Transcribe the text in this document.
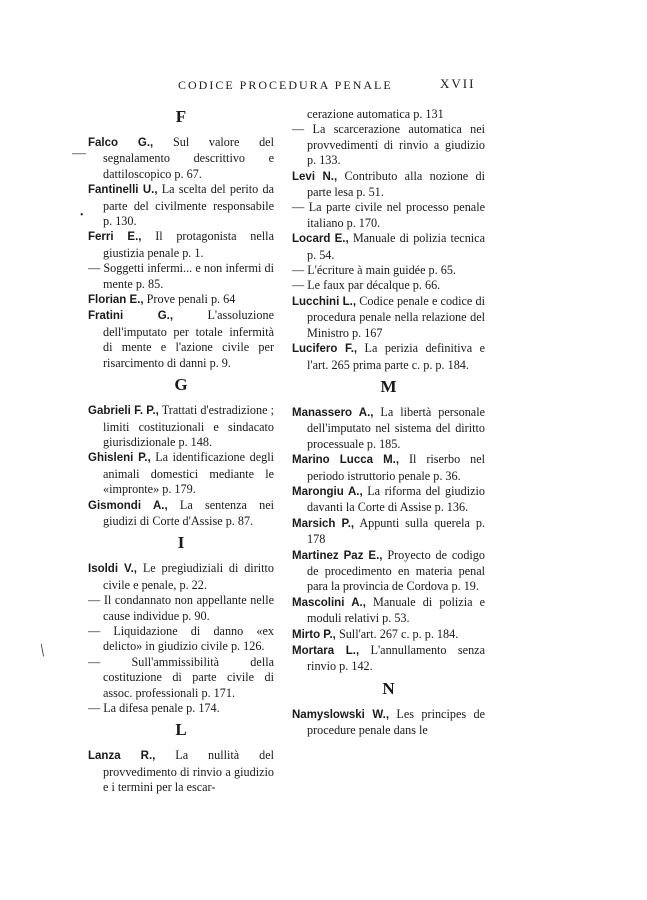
CODICE PROCEDURA PENALE	XVII
F
Falco G., Sul valore del segnalamento descrittivo e dattiloscopico p. 67.
Fantinelli U., La scelta del perito da parte del civilmente responsabile p. 130.
Ferri E., Il protagonista nella giustizia penale p. 1.
— Soggetti infermi... e non infermi di mente p. 85.
Florian E., Prove penali p. 64
Fratini G., L'assoluzione dell'imputato per totale infermità di mente e l'azione civile per risarcimento di danni p. 9.
G
Gabrieli F. P., Trattati d'estradizione ; limiti costituzionali e sindacato giurisdizionale p. 148.
Ghisleni P., La identificazione degli animali domestici mediante le «impronte» p. 179.
Gismondi A., La sentenza nei giudizi di Corte d'Assise p. 87.
I
Isoldi V., Le pregiudiziali di diritto civile e penale, p. 22.
— Il condannato non appellante nelle cause individue p. 90.
— Liquidazione di danno «ex delicto» in giudizio civile p. 126.
— Sull'ammissibilità della costituzione di parte civile di assoc. professionali p. 171.
— La difesa penale p. 174.
L
Lanza R., La nullità del provvedimento di rinvio a giudizio e i termini per la escar-
cerazione automatica p. 131
— La scarcerazione automatica nei provvedimenti di rinvio a giudizio p. 133.
Levi N., Contributo alla nozione di parte lesa p. 51.
— La parte civile nel processo penale italiano p. 170.
Locard E., Manuale di polizia tecnica p. 54.
— L'écriture à main guidée p. 65.
— Le faux par décalque p. 66.
Lucchini L., Codice penale e codice di procedura penale nella relazione del Ministro p. 167
Lucifero F., La perizia definitiva e l'art. 265 prima parte c. p. p. 184.
M
Manassero A., La libertà personale dell'imputato nel sistema del diritto processuale p. 185.
Marino Lucca M., Il riserbo nel periodo istruttorio penale p. 36.
Marongiu A., La riforma del giudizio davanti la Corte di Assise p. 136.
Marsich P., Appunti sulla querela p. 178
Martinez Paz E., Proyecto de codigo de procedimento en materia penal para la provincia de Cordova p. 19.
Mascolini A., Manuale di polizia e moduli relativi p. 53.
Mirto P., Sull'art. 267 c. p. p. 184.
Mortara L., L'annullamento senza rinvio p. 142.
N
Namyslowski W., Les principes de procedure penale dans le
—
•
/
